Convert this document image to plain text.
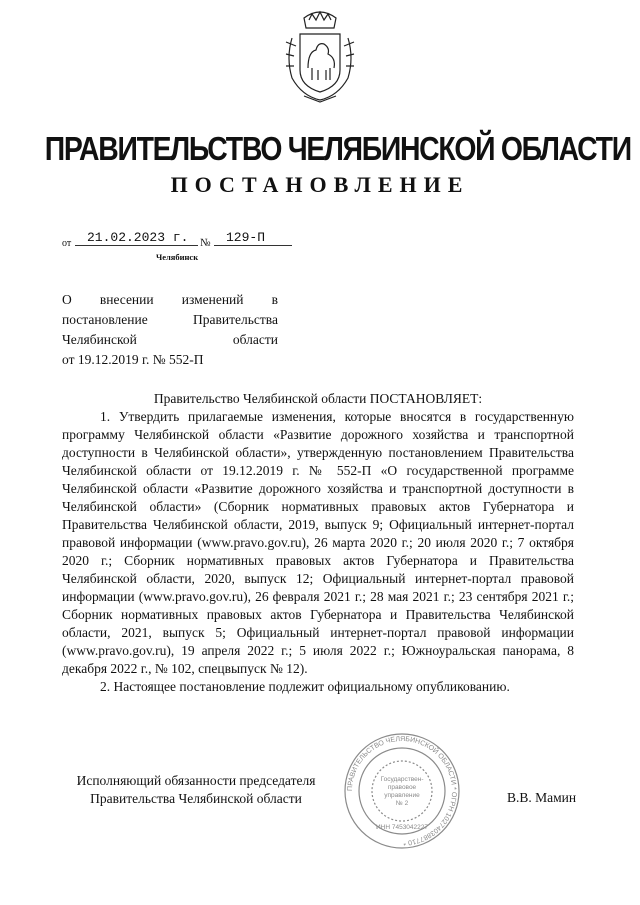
ПРАВИТЕЛЬСТВО ЧЕЛЯБИНСКОЙ ОБЛАСТИ
ПОСТАНОВЛЕНИЕ
от	21.02.2023 г.	№	129-П
Челябинск
О внесении изменений в
постановление Правительства
Челябинской области
от 19.12.2019 г. № 552-П
Правительство Челябинской области ПОСТАНОВЛЯЕТ:

1. Утвердить прилагаемые изменения, которые вносятся в государственную программу Челябинской области «Развитие дорожного хозяйства и транспортной доступности в Челябинской области», утвержденную постановлением Правительства Челябинской области от 19.12.2019 г. № 552-П «О государственной программе Челябинской области «Развитие дорожного хозяйства и транспортной доступности в Челябинской области» (Сборник нормативных правовых актов Губернатора и Правительства Челябинской области, 2019, выпуск 9; Официальный интернет-портал правовой информации (www.pravo.gov.ru), 26 марта 2020 г.; 20 июля 2020 г.; 7 октября 2020 г.; Сборник нормативных правовых актов Губернатора и Правительства Челябинской области, 2020, выпуск 12; Официальный интернет-портал правовой информации (www.pravo.gov.ru), 26 февраля 2021 г.; 28 мая 2021 г.; 23 сентября 2021 г.; Сборник нормативных правовых актов Губернатора и Правительства Челябинской области, 2021, выпуск 5; Официальный интернет-портал правовой информации (www.pravo.gov.ru), 19 апреля 2022 г.; 5 июля 2022 г.; Южноуральская панорама, 8 декабря 2022 г., № 102, спецвыпуск № 12).

2. Настоящее постановление подлежит официальному опубликованию.

Исполняющий обязанности председателя
Правительства Челябинской области	В.В. Мамин
ПРАВИТЕЛЬСТВО ЧЕЛЯБИНСКОЙ ОБЛАСТИ * ОГРН 1027403887710 *
Государствен-
правовое
управление
№ 2
ИНН 7453042227
